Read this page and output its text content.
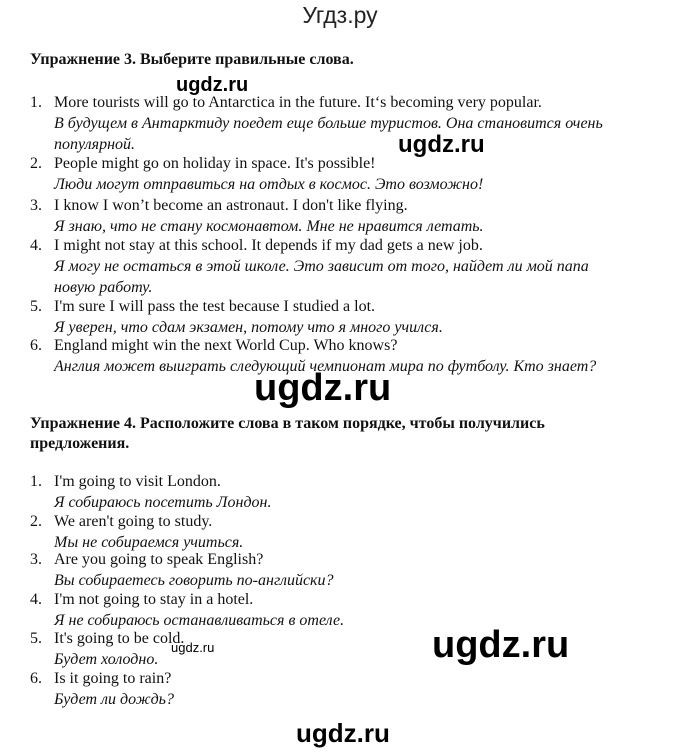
Угдз.ру
Упражнение 3. Выберите правильные слова.
1. More tourists will go to Antarctica in the future. It‘s becoming very popular.
В будущем в Антарктиду поедет еще больше туристов. Она становится очень популярной.
2. People might go on holiday in space. It's possible!
Люди могут отправиться на отдых в космос. Это возможно!
3. I know I won’t become an astronaut. I don't like flying.
Я знаю, что не стану космонавтом. Мне не нравится летать.
4. I might not stay at this school. It depends if my dad gets a new job.
Я могу не остаться в этой школе. Это зависит от того, найдет ли мой папа новую работу.
5. I'm sure I will pass the test because I studied a lot.
Я уверен, что сдам экзамен, потому что я много учился.
6. England might win the next World Cup. Who knows?
Англия может выиграть следующий чемпионат мира по футболу. Кто знает?
Упражнение 4. Расположите слова в таком порядке, чтобы получились предложения.
1. I'm going to visit London.
Я собираюсь посетить Лондон.
2. We aren't going to study.
Мы не собираемся учиться.
3. Are you going to speak English?
Вы собираетесь говорить по-английски?
4. I'm not going to stay in a hotel.
Я не собираюсь останавливаться в отеле.
5. It's going to be cold.
Будет холодно.
6. Is it going to rain?
Будет ли дождь?
ugdz.ru
ugdz.ru
ugdz.ru
ugdz.ru
ugdz.ru
ugdz.ru
